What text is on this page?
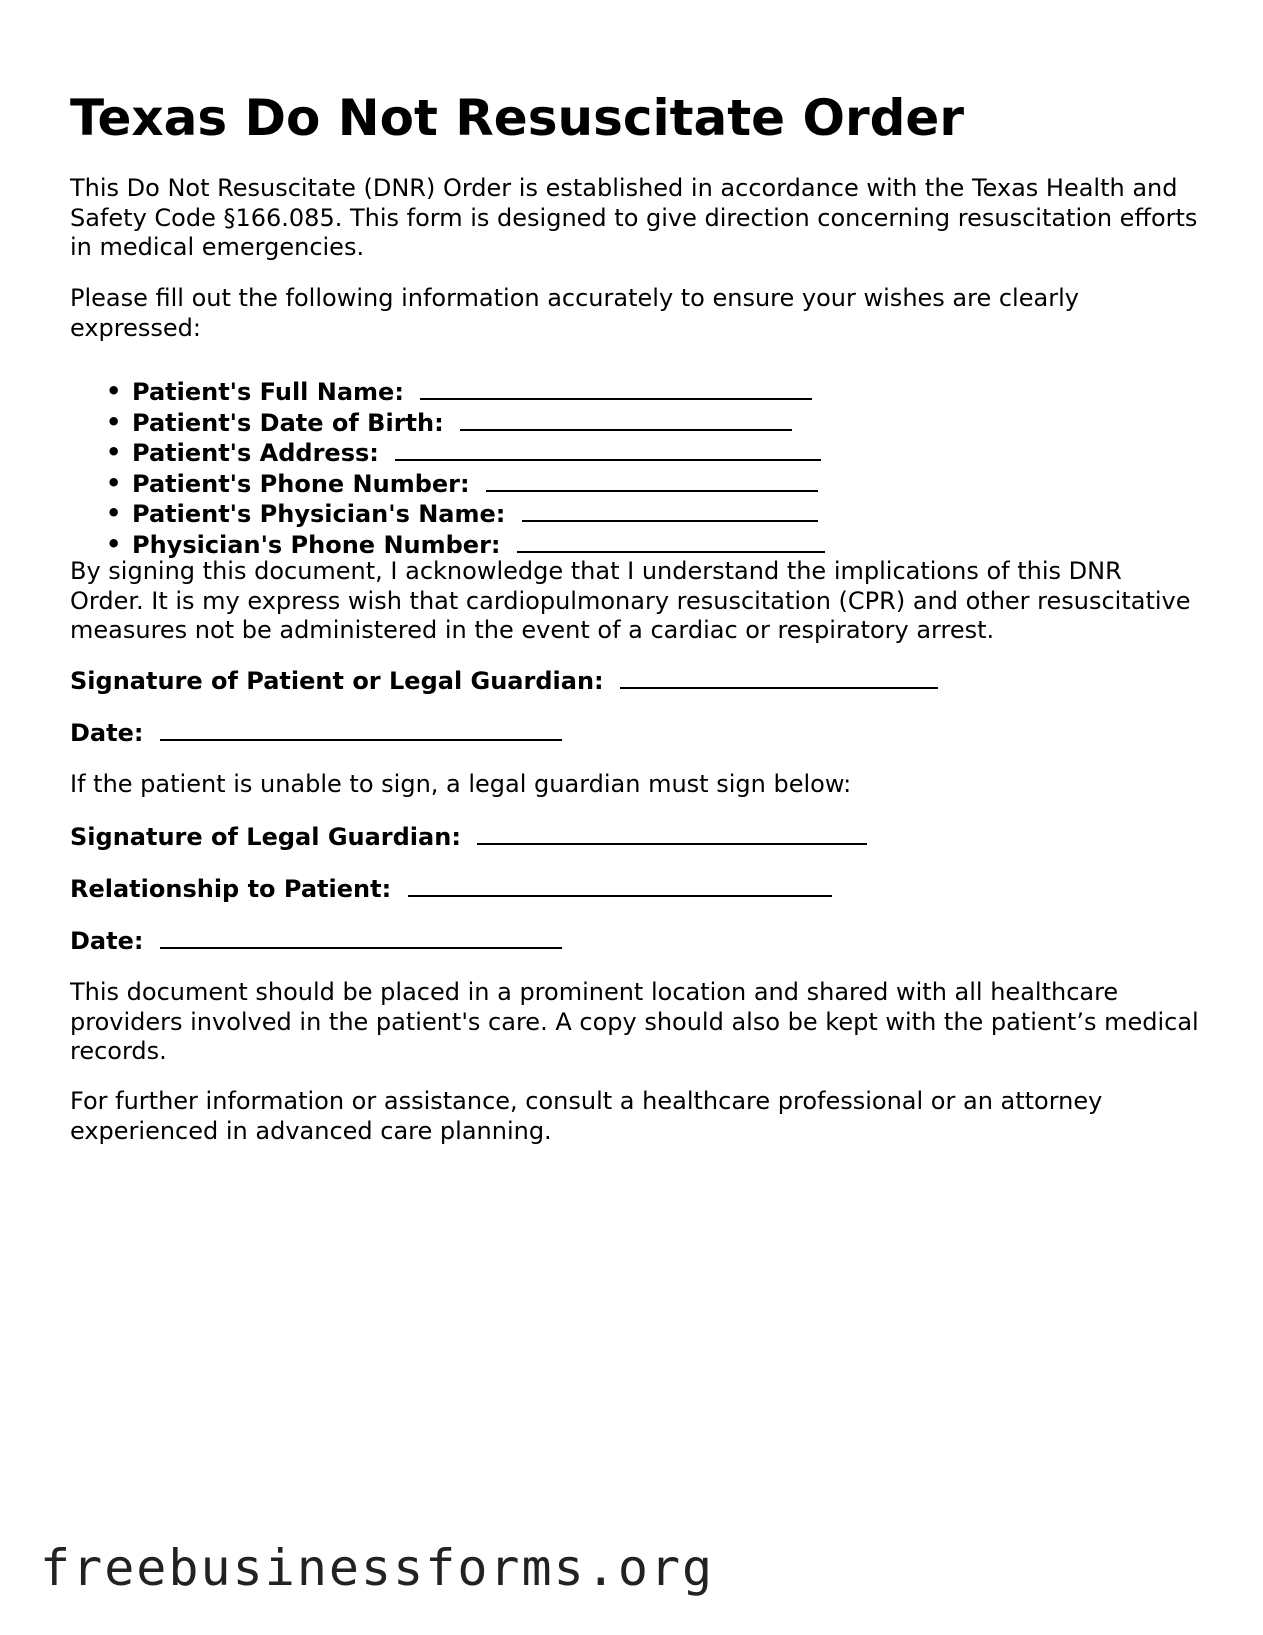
Texas Do Not Resuscitate Order

This Do Not Resuscitate (DNR) Order is established in accordance with the Texas Health and Safety Code §166.085. This form is designed to give direction concerning resuscitation efforts in medical emergencies.

Please fill out the following information accurately to ensure your wishes are clearly expressed:

• Patient's Full Name:
• Patient's Date of Birth:
• Patient's Address:
• Patient's Phone Number:
• Patient's Physician's Name:
• Physician's Phone Number:

By signing this document, I acknowledge that I understand the implications of this DNR Order. It is my express wish that cardiopulmonary resuscitation (CPR) and other resuscitative measures not be administered in the event of a cardiac or respiratory arrest.

Signature of Patient or Legal Guardian:
Date:

If the patient is unable to sign, a legal guardian must sign below:

Signature of Legal Guardian:
Relationship to Patient:
Date:

This document should be placed in a prominent location and shared with all healthcare providers involved in the patient's care. A copy should also be kept with the patient’s medical records.

For further information or assistance, consult a healthcare professional or an attorney experienced in advanced care planning.

freebusinessforms.org
